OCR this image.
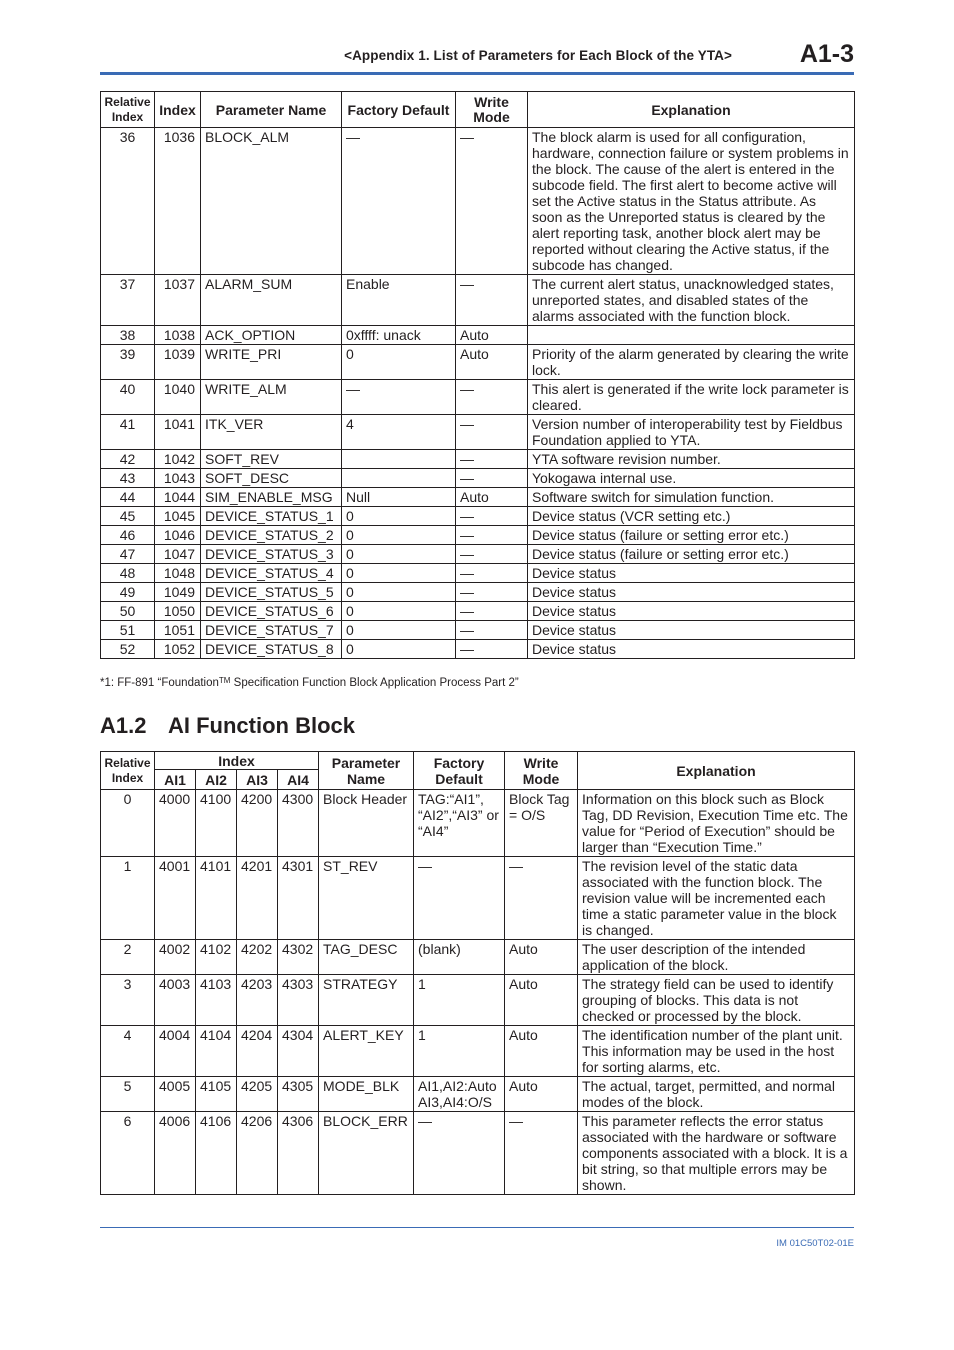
<Appendix 1. List of Parameters for Each Block of the YTA>	A1-3
Relative Index	Index	Parameter Name	Factory Default	Write Mode	Explanation
36	1036	BLOCK_ALM	—	—	The block alarm is used for all configuration, hardware, connection failure or system problems in the block. The cause of the alert is entered in the subcode field. The first alert to become active will set the Active status in the Status attribute. As soon as the Unreported status is cleared by the alert reporting task, another block alert may be reported without clearing the Active status, if the subcode has changed.
37	1037	ALARM_SUM	Enable	—	The current alert status, unacknowledged states, unreported states, and disabled states of the alarms associated with the function block.
38	1038	ACK_OPTION	0xffff: unack	Auto	
39	1039	WRITE_PRI	0	Auto	Priority of the alarm generated by clearing the write lock.
40	1040	WRITE_ALM	—	—	This alert is generated if the write lock parameter is cleared.
41	1041	ITK_VER	4	—	Version number of interoperability test by Fieldbus Foundation applied to YTA.
42	1042	SOFT_REV		—	YTA software revision number.
43	1043	SOFT_DESC		—	Yokogawa internal use.
44	1044	SIM_ENABLE_MSG	Null	Auto	Software switch for simulation function.
45	1045	DEVICE_STATUS_1	0	—	Device status (VCR setting etc.)
46	1046	DEVICE_STATUS_2	0	—	Device status (failure or setting error etc.)
47	1047	DEVICE_STATUS_3	0	—	Device status (failure or setting error etc.)
48	1048	DEVICE_STATUS_4	0	—	Device status
49	1049	DEVICE_STATUS_5	0	—	Device status
50	1050	DEVICE_STATUS_6	0	—	Device status
51	1051	DEVICE_STATUS_7	0	—	Device status
52	1052	DEVICE_STATUS_8	0	—	Device status
*1: FF-891 “Foundation™ Specification Function Block Application Process Part 2”
A1.2 AI Function Block
Relative Index	Index				Parameter Name	Factory Default	Write Mode	Explanation
	AI1	AI2	AI3	AI4				
0	4000	4100	4200	4300	Block Header	TAG:“AI1”, “AI2”,“AI3” or “AI4”	Block Tag = O/S	Information on this block such as Block Tag, DD Revision, Execution Time etc. The value for “Period of Execution” should be larger than “Execution Time.”
1	4001	4101	4201	4301	ST_REV	—	—	The revision level of the static data associated with the function block. The revision value will be incremented each time a static parameter value in the block is changed.
2	4002	4102	4202	4302	TAG_DESC	(blank)	Auto	The user description of the intended application of the block.
3	4003	4103	4203	4303	STRATEGY	1	Auto	The strategy field can be used to identify grouping of blocks. This data is not checked or processed by the block.
4	4004	4104	4204	4304	ALERT_KEY	1	Auto	The identification number of the plant unit. This information may be used in the host for sorting alarms, etc.
5	4005	4105	4205	4305	MODE_BLK	AI1,AI2:Auto AI3,AI4:O/S	Auto	The actual, target, permitted, and normal modes of the block.
6	4006	4106	4206	4306	BLOCK_ERR	—	—	This parameter reflects the error status associated with the hardware or software components associated with a block. It is a bit string, so that multiple errors may be shown.
IM 01C50T02-01E
